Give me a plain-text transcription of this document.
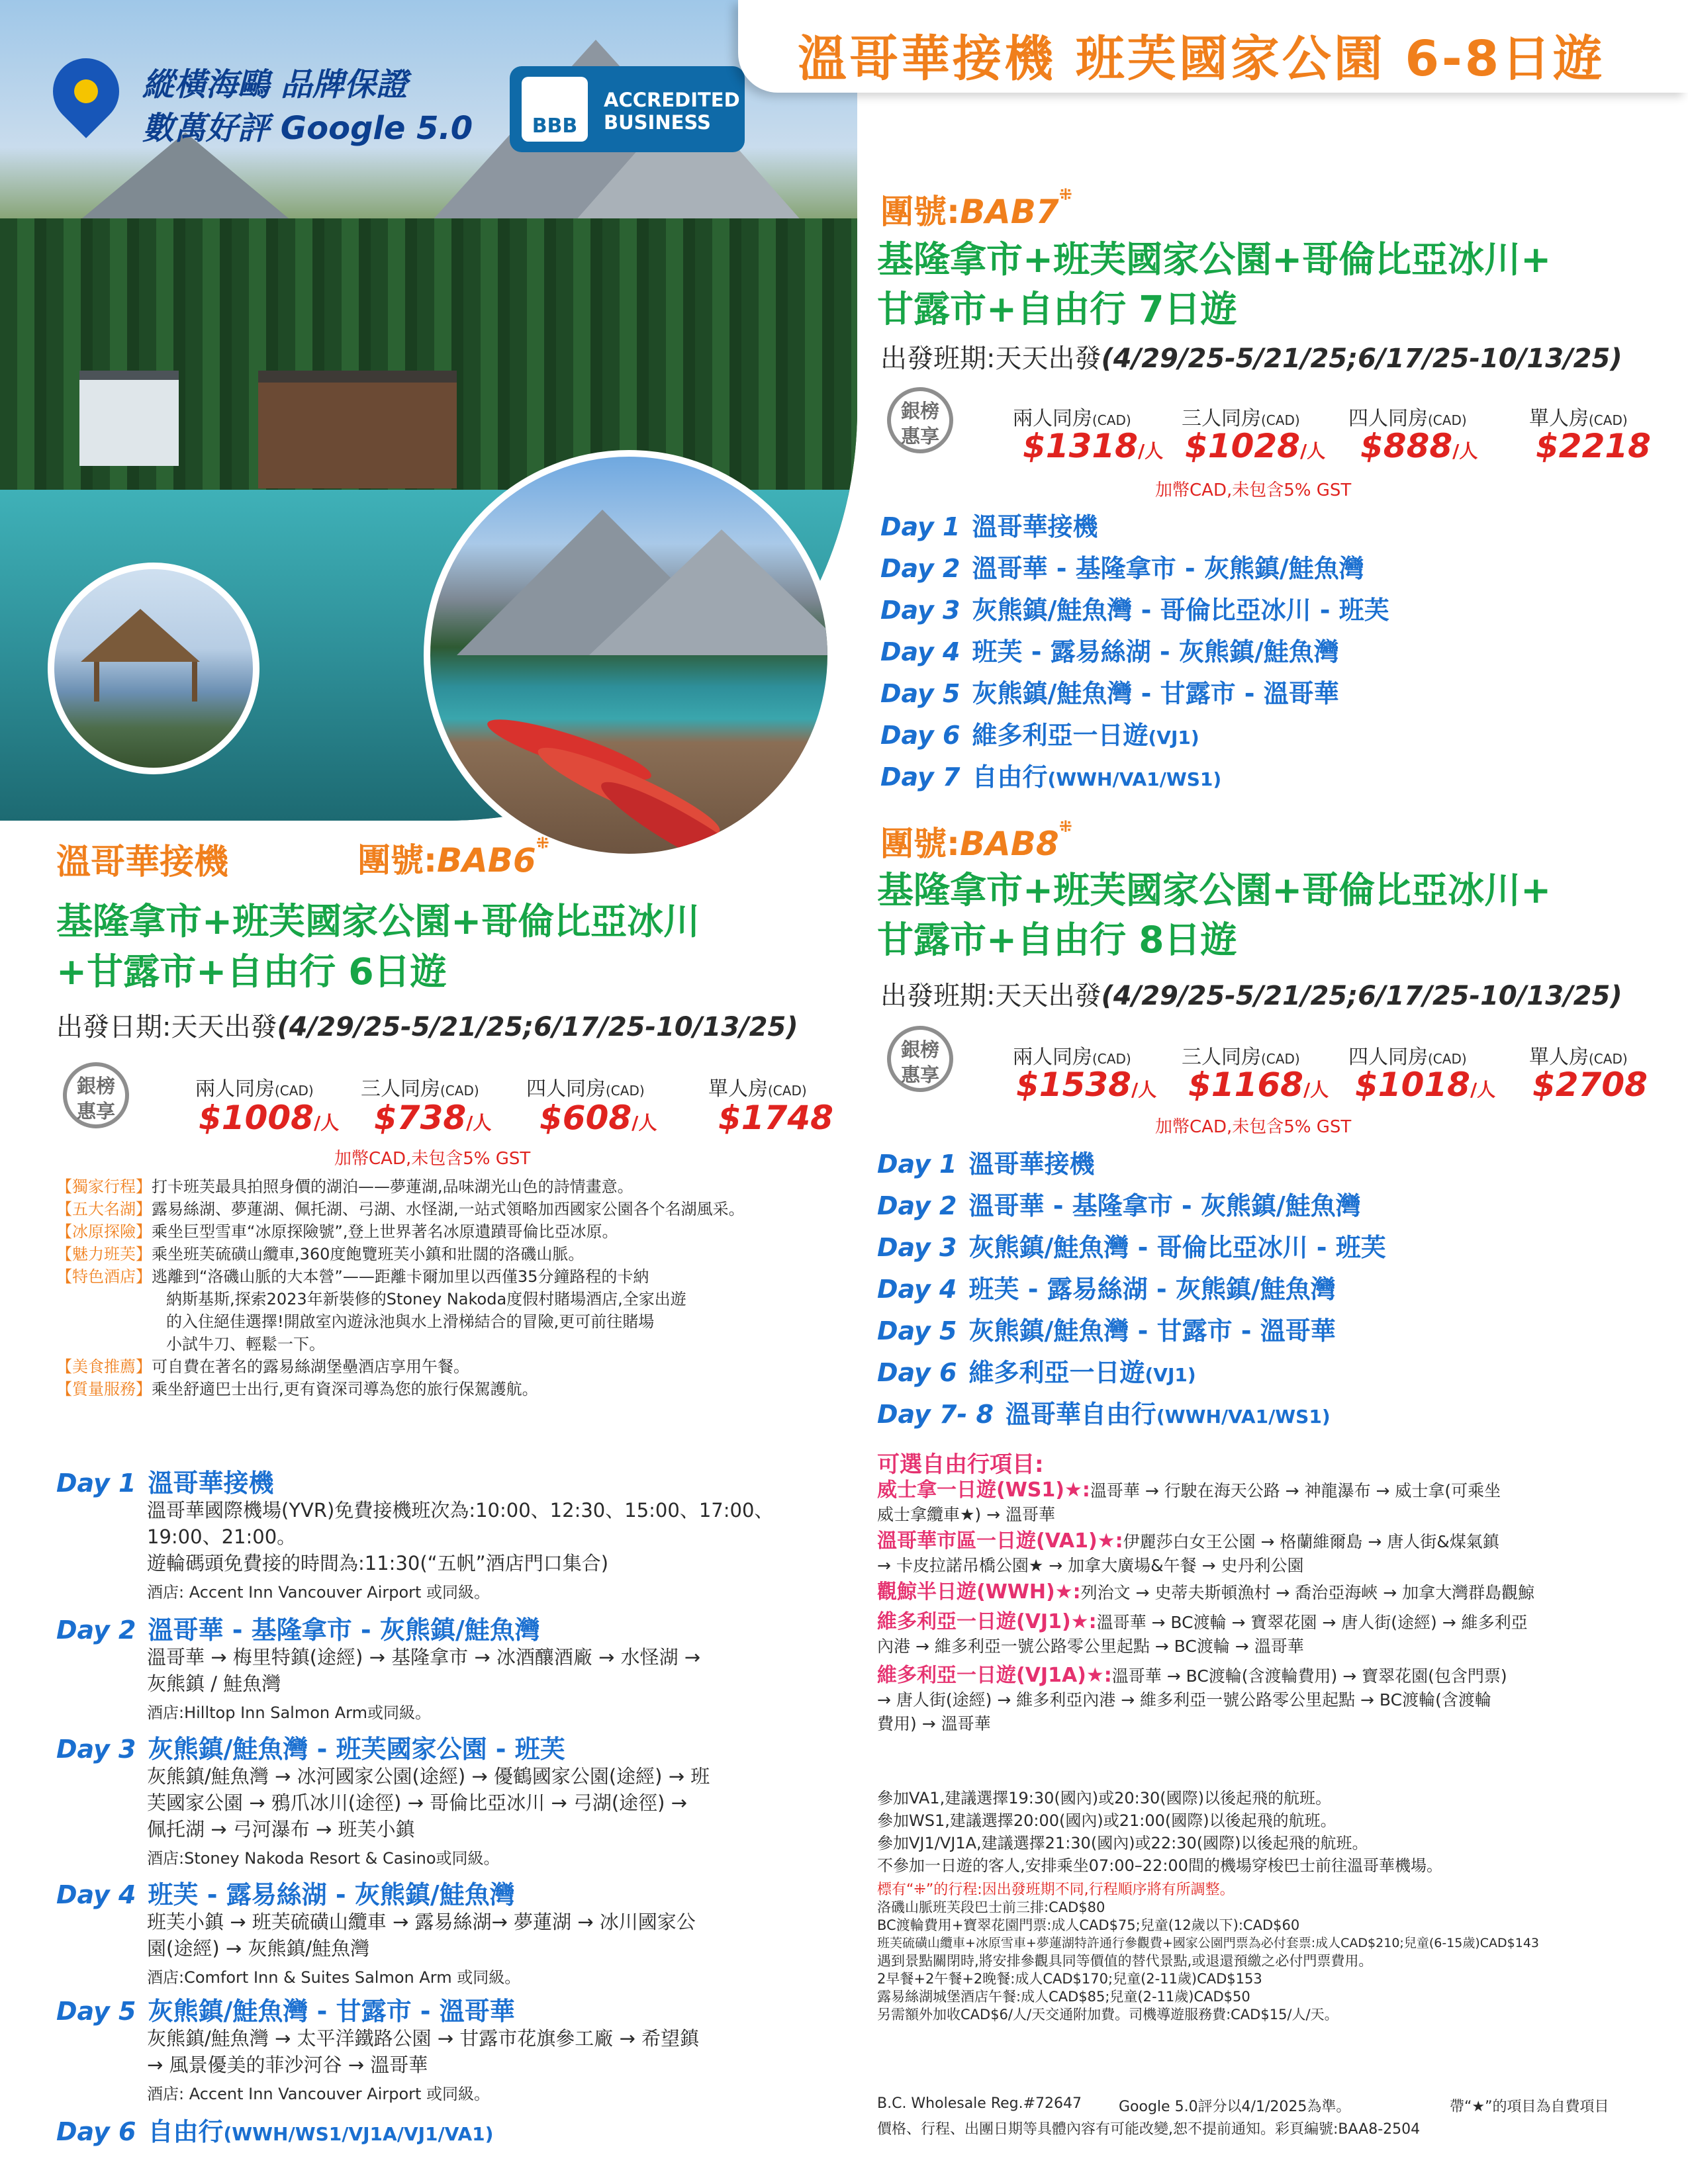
溫哥華接機 班芙國家公園 6-8日遊
縱橫海鷗 品牌保證
數萬好評 Google 5.0	BBB
ACCREDITED
BUSINESS
溫哥華接機	團號:BAB6⁜
基隆拿市+班芙國家公園+哥倫比亞冰川
+甘露市+自由行 6日遊
出發日期:天天出發(4/29/25-5/21/25;6/17/25-10/13/25)
銀榜
惠享
兩人同房(CAD) 三人同房(CAD) 四人同房(CAD)	單人房(CAD)
$1008/人 $738/人 $608/人 $1748
加幣CAD,未包含5% GST
【獨家行程】打卡班芙最具拍照身價的湖泊——夢蓮湖,品味湖光山色的詩情畫意。
【五大名湖】露易絲湖、夢蓮湖、佩托湖、弓湖、水怪湖,一站式領略加西國家公園各个名湖風采。
【冰原探險】乘坐巨型雪車“冰原探險號”,登上世界著名冰原遺蹟哥倫比亞冰原。
【魅力班芙】乘坐班芙硫磺山纜車,360度飽覽班芙小鎮和壯闊的洛磯山脈。
【特色酒店】逃離到“洛磯山脈的大本營”——距離卡爾加里以西僅35分鐘路程的卡納
納斯基斯,探索2023年新裝修的Stoney Nakoda度假村賭場酒店,全家出遊
的入住絕佳選擇!開啟室內遊泳池與水上滑梯結合的冒險,更可前往賭場
小試牛刀、輕鬆一下。
【美食推薦】可自費在著名的露易絲湖堡壘酒店享用午餐。
【質量服務】乘坐舒適巴士出行,更有資深司導為您的旅行保駕護航。
Day 1 溫哥華接機
溫哥華國際機場(YVR)免費接機班次為:10:00、12:30、15:00、17:00、
19:00、21:00。
遊輪碼頭免費接的時間為:11:30(“五帆”酒店門口集合)
酒店: Accent Inn Vancouver Airport 或同級。
Day 2 溫哥華 - 基隆拿市 - 灰熊鎮/鮭魚灣
溫哥華 → 梅里特鎮(途經) → 基隆拿市 → 冰酒釀酒廠 → 水怪湖 →
灰熊鎮 / 鮭魚灣
酒店:Hilltop Inn Salmon Arm或同級。
Day 3 灰熊鎮/鮭魚灣 - 班芙國家公園 - 班芙
灰熊鎮/鮭魚灣 → 冰河國家公園(途經) → 優鶴國家公園(途經) → 班
芙國家公園 → 鴉爪冰川(途徑) → 哥倫比亞冰川 → 弓湖(途徑) →
佩托湖 → 弓河瀑布 → 班芙小鎮
酒店:Stoney Nakoda Resort & Casino或同級。
Day 4 班芙 - 露易絲湖 - 灰熊鎮/鮭魚灣
班芙小鎮 → 班芙硫磺山纜車 → 露易絲湖→ 夢蓮湖 → 冰川國家公
園(途經) → 灰熊鎮/鮭魚灣
酒店:Comfort Inn & Suites Salmon Arm 或同級。
Day 5 灰熊鎮/鮭魚灣 - 甘露市 - 溫哥華
灰熊鎮/鮭魚灣 → 太平洋鐵路公園 → 甘露市花旗參工廠 → 希望鎮
→ 風景優美的菲沙河谷 → 溫哥華
酒店: Accent Inn Vancouver Airport 或同級。
Day 6 自由行(WWH/WS1/VJ1A/VJ1/VA1)
團號:BAB7⁜
基隆拿市+班芙國家公園+哥倫比亞冰川+
甘露市+自由行 7日遊
出發班期:天天出發(4/29/25-5/21/25;6/17/25-10/13/25)
銀榜
惠享
兩人同房(CAD)	三人同房(CAD) 四人同房(CAD)	單人房(CAD)
$1318/人 $1028/人 $888/人 $2218
加幣CAD,未包含5% GST
Day 1 溫哥華接機
Day 2 溫哥華 - 基隆拿市 - 灰熊鎮/鮭魚灣
Day 3 灰熊鎮/鮭魚灣 - 哥倫比亞冰川 - 班芙
Day 4 班芙 - 露易絲湖 - 灰熊鎮/鮭魚灣
Day 5 灰熊鎮/鮭魚灣 - 甘露市 - 溫哥華
Day 6 維多利亞一日遊(VJ1)
Day 7 自由行(WWH/VA1/WS1)
團號:BAB8⁜
基隆拿市+班芙國家公園+哥倫比亞冰川+
甘露市+自由行 8日遊
出發班期:天天出發(4/29/25-5/21/25;6/17/25-10/13/25)
銀榜
惠享
兩人同房(CAD)	三人同房(CAD) 四人同房(CAD)	單人房(CAD)
$1538/人 $1168/人 $1018/人 $2708
加幣CAD,未包含5% GST
Day 1 溫哥華接機
Day 2 溫哥華 - 基隆拿市 - 灰熊鎮/鮭魚灣
Day 3 灰熊鎮/鮭魚灣 - 哥倫比亞冰川 - 班芙
Day 4 班芙 - 露易絲湖 - 灰熊鎮/鮭魚灣
Day 5 灰熊鎮/鮭魚灣 - 甘露市 - 溫哥華
Day 6 維多利亞一日遊(VJ1)
Day 7- 8 溫哥華自由行(WWH/VA1/WS1)
可選自由行項目:
威士拿一日遊(WS1)★:溫哥華 → 行駛在海天公路 → 神龍瀑布 → 威士拿(可乘坐
威士拿纜車★) → 溫哥華
溫哥華市區一日遊(VA1)★:伊麗莎白女王公園 → 格蘭維爾島 → 唐人街&煤氣鎮
→ 卡皮拉諾吊橋公園★ → 加拿大廣場&午餐 → 史丹利公園
觀鯨半日遊(WWH)★:列治文 → 史蒂夫斯頓漁村 → 喬治亞海峽 → 加拿大灣群島觀鯨
維多利亞一日遊(VJ1)★:溫哥華 → BC渡輪 → 寶翠花園 → 唐人街(途經) → 維多利亞
內港 → 維多利亞一號公路零公里起點 → BC渡輪 → 溫哥華
維多利亞一日遊(VJ1A)★:溫哥華 → BC渡輪(含渡輪費用) → 寶翠花園(包含門票)
→ 唐人街(途經) → 維多利亞內港 → 維多利亞一號公路零公里起點 → BC渡輪(含渡輪
費用) → 溫哥華
參加VA1,建議選擇19:30(國內)或20:30(國際)以後起飛的航班。
參加WS1,建議選擇20:00(國內)或21:00(國際)以後起飛的航班。
參加VJ1/VJ1A,建議選擇21:30(國內)或22:30(國際)以後起飛的航班。
不參加一日遊的客人,安排乘坐07:00–22:00間的機場穿梭巴士前往溫哥華機場。
標有“⁜”的行程:因出發班期不同,行程順序將有所調整。
洛磯山脈班芙段巴士前三排:CAD$80
BC渡輪費用+寶翠花園門票:成人CAD$75;兒童(12歲以下):CAD$60
班芙硫磺山纜車+冰原雪車+夢蓮湖特許通行參觀費+國家公園門票為必付套票:成人CAD$210;兒童(6-15歲)CAD$143
遇到景點關閉時,將安排參觀具同等價值的替代景點,或退還預繳之必付門票費用。
2早餐+2午餐+2晚餐:成人CAD$170;兒童(2-11歲)CAD$153
露易絲湖城堡酒店午餐:成人CAD$85;兒童(2-11歲)CAD$50
另需額外加收CAD$6/人/天交通附加費。司機導遊服務費:CAD$15/人/天。
B.C. Wholesale Reg.#72647	Google 5.0評分以4/1/2025為準。	帶“★”的項目為自費項目
價格、行程、出團日期等具體內容有可能改變,恕不提前通知。彩頁編號:BAA8-2504
